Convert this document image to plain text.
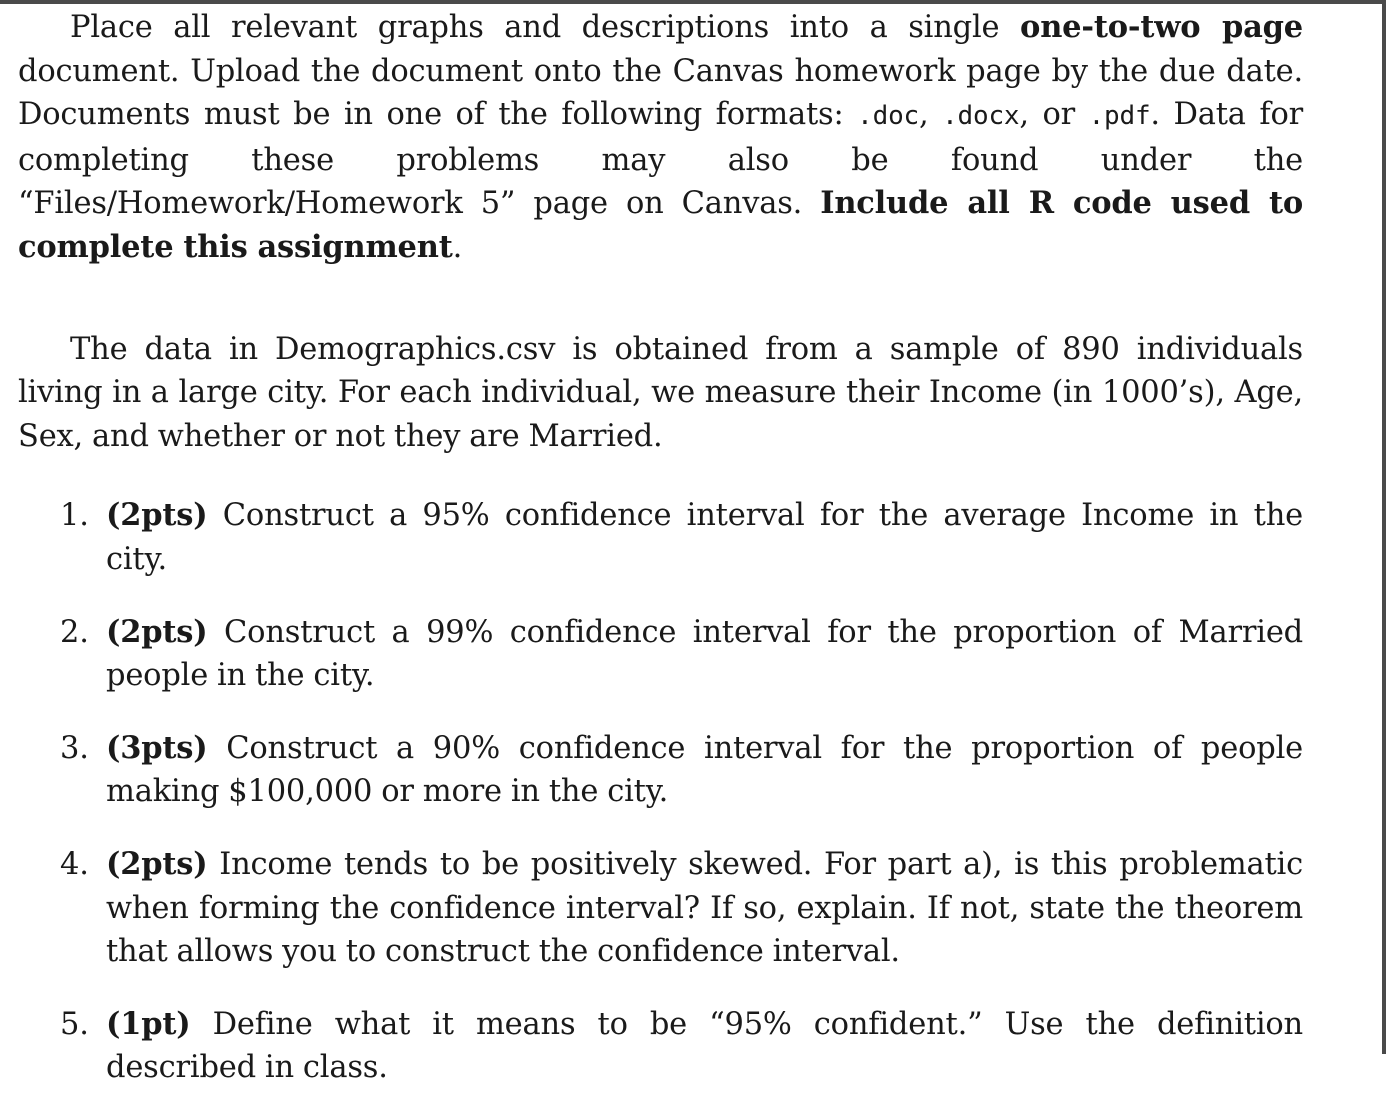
Place all relevant graphs and descriptions into a single one-to-two page document. Upload the document onto the Canvas homework page by the due date. Documents must be in one of the following formats: .doc, .docx, or .pdf. Data for completing these problems may also be found under the “Files/Homework/Homework 5” page on Canvas. Include all R code used to complete this assignment.

The data in Demographics.csv is obtained from a sample of 890 individuals living in a large city. For each individual, we measure their Income (in 1000’s), Age, Sex, and whether or not they are Married.

1. (2pts) Construct a 95% confidence interval for the average Income in the city.
2. (2pts) Construct a 99% confidence interval for the proportion of Married people in the city.
3. (3pts) Construct a 90% confidence interval for the proportion of people making $100,000 or more in the city.
4. (2pts) Income tends to be positively skewed. For part a), is this problematic when forming the confidence interval? If so, explain. If not, state the theorem that allows you to construct the confidence interval.
5. (1pt) Define what it means to be “95% confident.” Use the definition described in class.
